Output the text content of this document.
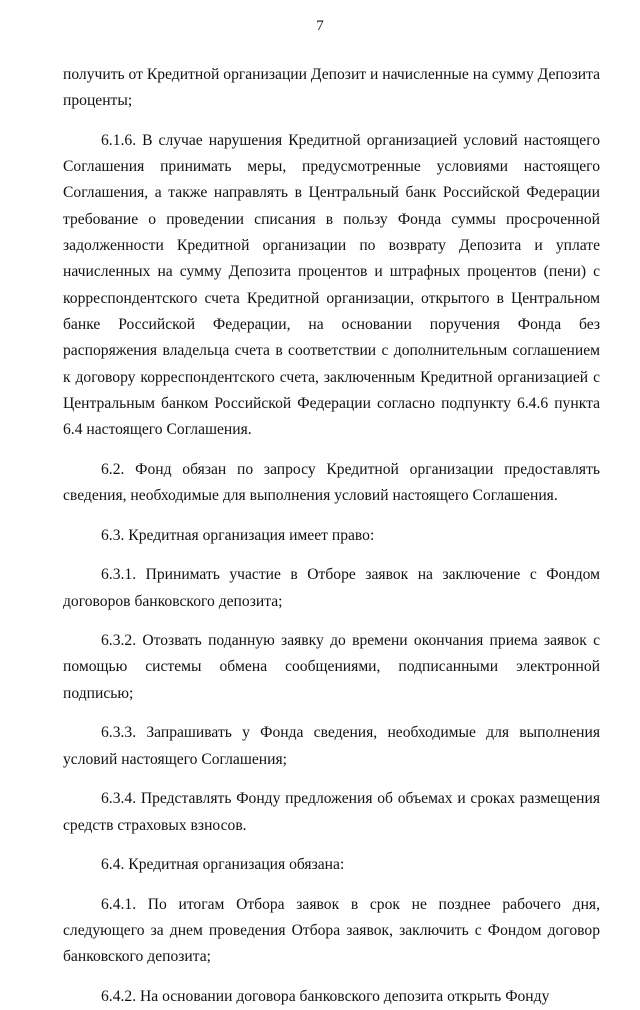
7

получить от Кредитной организации Депозит и начисленные на сумму Депозита проценты;

6.1.6. В случае нарушения Кредитной организацией условий настоящего Соглашения принимать меры, предусмотренные условиями настоящего Соглашения, а также направлять в Центральный банк Российской Федерации требование о проведении списания в пользу Фонда суммы просроченной задолженности Кредитной организации по возврату Депозита и уплате начисленных на сумму Депозита процентов и штрафных процентов (пени) с корреспондентского счета Кредитной организации, открытого в Центральном банке Российской Федерации, на основании поручения Фонда без распоряжения владельца счета в соответствии с дополнительным соглашением к договору корреспондентского счета, заключенным Кредитной организацией с Центральным банком Российской Федерации согласно подпункту 6.4.6 пункта 6.4 настоящего Соглашения.

6.2. Фонд обязан по запросу Кредитной организации предоставлять сведения, необходимые для выполнения условий настоящего Соглашения.

6.3. Кредитная организация имеет право:

6.3.1. Принимать участие в Отборе заявок на заключение с Фондом договоров банковского депозита;

6.3.2. Отозвать поданную заявку до времени окончания приема заявок с помощью системы обмена сообщениями, подписанными электронной подписью;

6.3.3. Запрашивать у Фонда сведения, необходимые для выполнения условий настоящего Соглашения;

6.3.4. Представлять Фонду предложения об объемах и сроках размещения средств страховых взносов.

6.4. Кредитная организация обязана:

6.4.1. По итогам Отбора заявок в срок не позднее рабочего дня, следующего за днем проведения Отбора заявок, заключить с Фондом договор банковского депозита;

6.4.2. На основании договора банковского депозита открыть Фонду
